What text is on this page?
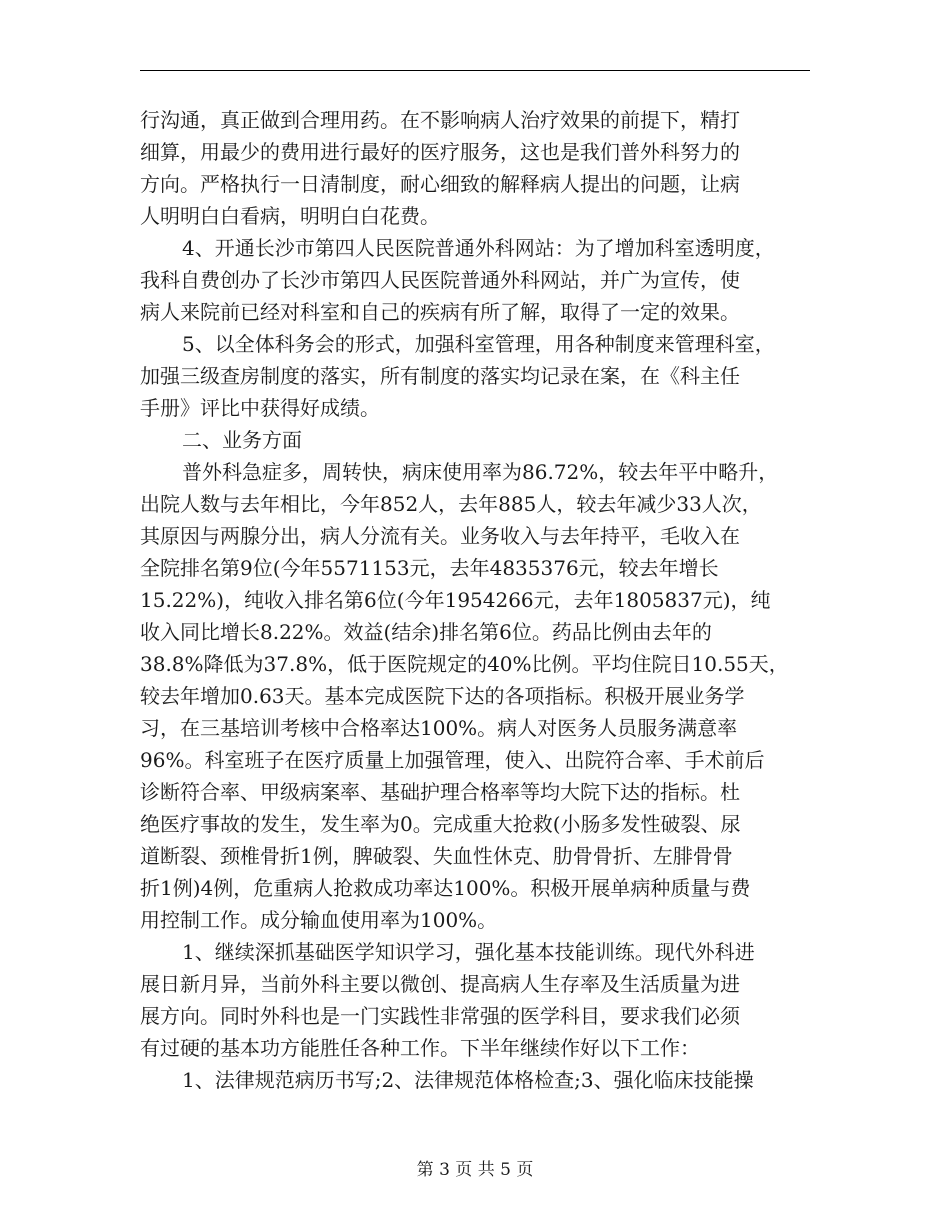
行沟通，真正做到合理用药。在不影响病人治疗效果的前提下，精打
细算，用最少的费用进行最好的医疗服务，这也是我们普外科努力的
方向。严格执行一日清制度，耐心细致的解释病人提出的问题，让病
人明明白白看病，明明白白花费。
4、开通长沙市第四人民医院普通外科网站：为了增加科室透明度，
我科自费创办了长沙市第四人民医院普通外科网站，并广为宣传，使
病人来院前已经对科室和自己的疾病有所了解，取得了一定的效果。
5、以全体科务会的形式，加强科室管理，用各种制度来管理科室，
加强三级查房制度的落实，所有制度的落实均记录在案，在《科主任
手册》评比中获得好成绩。
二、业务方面
普外科急症多，周转快，病床使用率为86.72%，较去年平中略升，
出院人数与去年相比，今年852人，去年885人，较去年减少33人次，
其原因与两腺分出，病人分流有关。业务收入与去年持平，毛收入在
全院排名第9位(今年5571153元，去年4835376元，较去年增长
15.22%)，纯收入排名第6位(今年1954266元，去年1805837元)，纯
收入同比增长8.22%。效益(结余)排名第6位。药品比例由去年的
38.8%降低为37.8%，低于医院规定的40%比例。平均住院日10.55天，
较去年增加0.63天。基本完成医院下达的各项指标。积极开展业务学
习，在三基培训考核中合格率达100%。病人对医务人员服务满意率
96%。科室班子在医疗质量上加强管理，使入、出院符合率、手术前后
诊断符合率、甲级病案率、基础护理合格率等均大院下达的指标。杜
绝医疗事故的发生，发生率为0。完成重大抢救(小肠多发性破裂、尿
道断裂、颈椎骨折1例，脾破裂、失血性休克、肋骨骨折、左腓骨骨
折1例)4例，危重病人抢救成功率达100%。积极开展单病种质量与费
用控制工作。成分输血使用率为100%。
1、继续深抓基础医学知识学习，强化基本技能训练。现代外科进
展日新月异，当前外科主要以微创、提高病人生存率及生活质量为进
展方向。同时外科也是一门实践性非常强的医学科目，要求我们必须
有过硬的基本功方能胜任各种工作。下半年继续作好以下工作：
1、法律规范病历书写;2、法律规范体格检查;3、强化临床技能操
第 3 页 共 5 页
